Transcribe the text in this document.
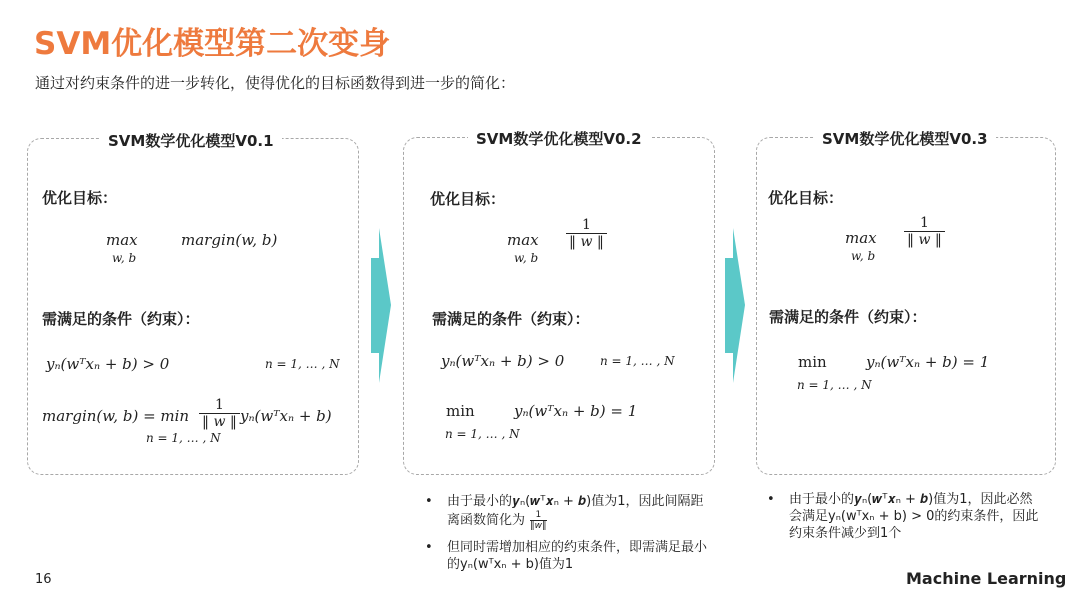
SVM优化模型第二次变身
通过对约束条件的进一步转化，使得优化的目标函数得到进一步的简化：
SVM数学优化模型V0.1
优化目标：
max
w, b
margin(w, b)
需满足的条件（约束）：
yₙ(wᵀxₙ + b) > 0	n = 1, … , N
margin(w, b) = min
n = 1, … , N
$\frac{1}{‖ w ‖}$ yₙ(wᵀxₙ + b)
SVM数学优化模型V0.2
优化目标：
max
w, b
$\frac{1}{‖ w ‖}$
需满足的条件（约束）：
yₙ(wᵀxₙ + b) > 0	n = 1, … , N
min
n = 1, … , N
yₙ(wᵀxₙ + b) = 1
SVM数学优化模型V0.3
优化目标：
max
w, b
$\frac{1}{‖ w ‖}$
需满足的条件（约束）：
min
n = 1, … , N
yₙ(wᵀxₙ + b) = 1
• 由于最小的𝒚ₙ(𝒘ᵀ𝒙ₙ + 𝒃)值为1，因此间隔距
离函数简化为 $\frac{1}{‖w‖}$
• 但同时需增加相应的约束条件，即需满足最小
的yₙ(wᵀxₙ + b)值为1
• 由于最小的𝒚ₙ(𝒘ᵀ𝒙ₙ + 𝒃)值为1，因此必然
会满足yₙ(wᵀxₙ + b) > 0的约束条件，因此
约束条件减少到1个
16	Machine Learning
